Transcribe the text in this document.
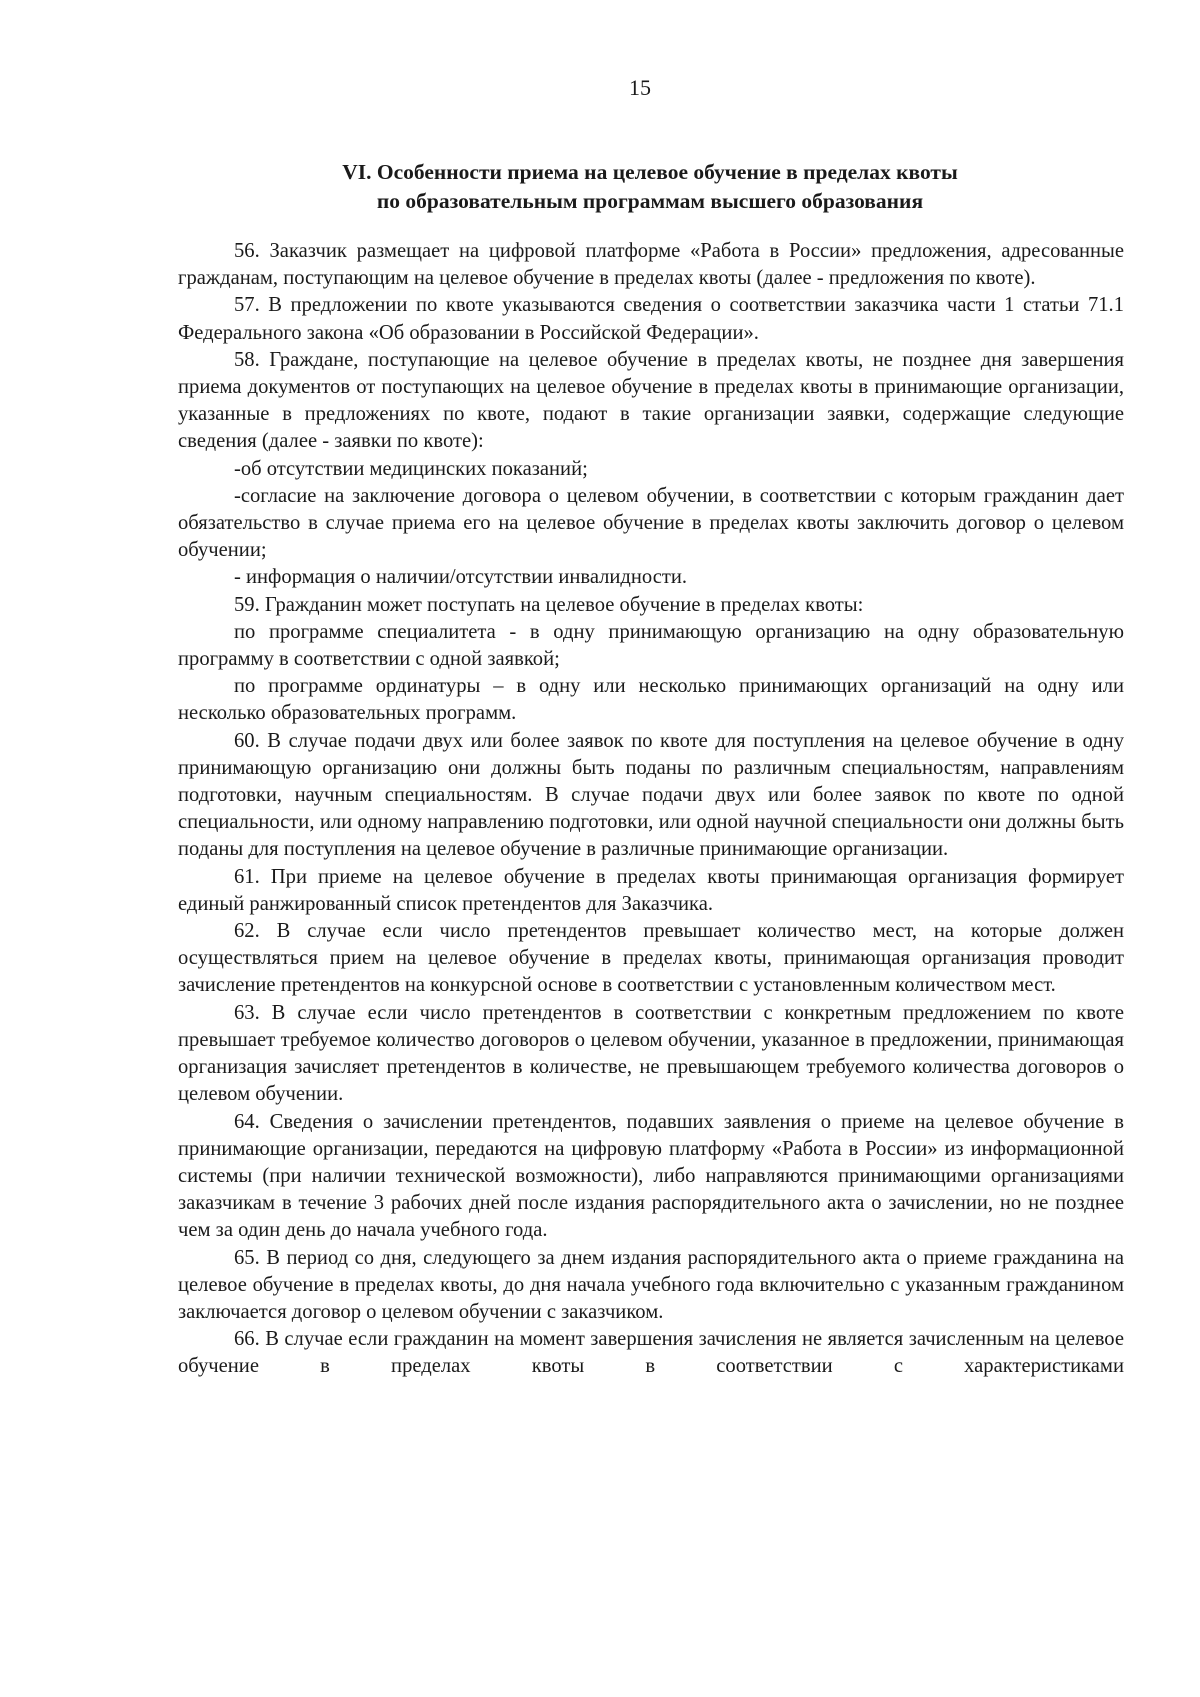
15
VI. Особенности приема на целевое обучение в пределах квоты
по образовательным программам высшего образования

56. Заказчик размещает на цифровой платформе «Работа в России» предложения, адресованные гражданам, поступающим на целевое обучение в пределах квоты (далее - предложения по квоте).

57. В предложении по квоте указываются сведения о соответствии заказчика части 1 статьи 71.1 Федерального закона «Об образовании в Российской Федерации».

58. Граждане, поступающие на целевое обучение в пределах квоты, не позднее дня завершения приема документов от поступающих на целевое обучение в пределах квоты в принимающие организации, указанные в предложениях по квоте, подают в такие организации заявки, содержащие следующие сведения (далее - заявки по квоте):

-об отсутствии медицинских показаний;

-согласие на заключение договора о целевом обучении, в соответствии с которым гражданин дает обязательство в случае приема его на целевое обучение в пределах квоты заключить договор о целевом обучении;

- информация о наличии/отсутствии инвалидности.

59. Гражданин может поступать на целевое обучение в пределах квоты:

по программе специалитета - в одну принимающую организацию на одну образовательную программу в соответствии с одной заявкой;

по программе ординатуры – в одну или несколько принимающих организаций на одну или несколько образовательных программ.

60. В случае подачи двух или более заявок по квоте для поступления на целевое обучение в одну принимающую организацию они должны быть поданы по различным специальностям, направлениям подготовки, научным специальностям. В случае подачи двух или более заявок по квоте по одной специальности, или одному направлению подготовки, или одной научной специальности они должны быть поданы для поступления на целевое обучение в различные принимающие организации.

61. При приеме на целевое обучение в пределах квоты принимающая организация формирует единый ранжированный список претендентов для Заказчика.

62. В случае если число претендентов превышает количество мест, на которые должен осуществляться прием на целевое обучение в пределах квоты, принимающая организация проводит зачисление претендентов на конкурсной основе в соответствии с установленным количеством мест.

63. В случае если число претендентов в соответствии с конкретным предложением по квоте превышает требуемое количество договоров о целевом обучении, указанное в предложении, принимающая организация зачисляет претендентов в количестве, не превышающем требуемого количества договоров о целевом обучении.

64. Сведения о зачислении претендентов, подавших заявления о приеме на целевое обучение в принимающие организации, передаются на цифровую платформу «Работа в России» из информационной системы (при наличии технической возможности), либо направляются принимающими организациями заказчикам в течение 3 рабочих дней после издания распорядительного акта о зачислении, но не позднее чем за один день до начала учебного года.

65. В период со дня, следующего за днем издания распорядительного акта о приеме гражданина на целевое обучение в пределах квоты, до дня начала учебного года включительно с указанным гражданином заключается договор о целевом обучении с заказчиком.

66. В случае если гражданин на момент завершения зачисления не является зачисленным на целевое обучение в пределах квоты в соответствии с характеристиками
